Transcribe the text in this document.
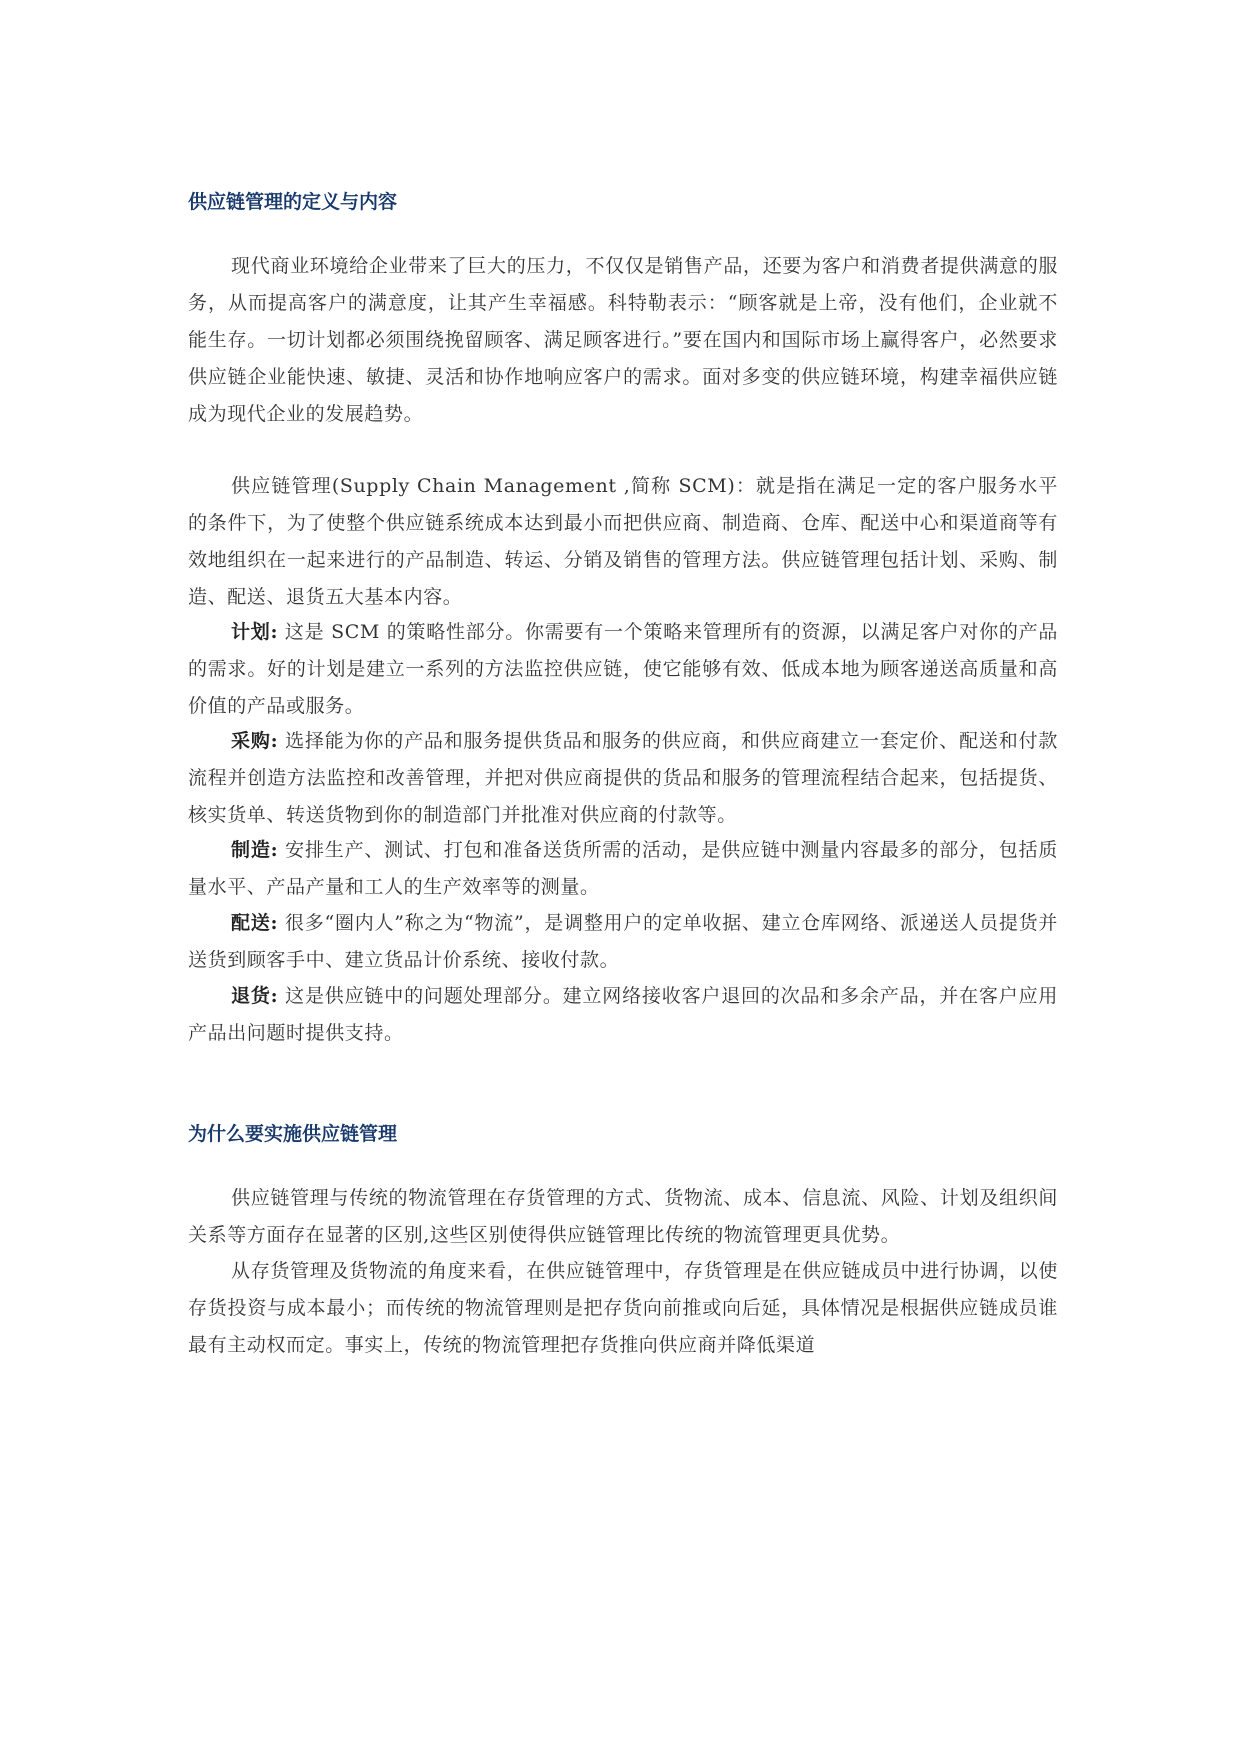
供应链管理的定义与内容

现代商业环境给企业带来了巨大的压力，不仅仅是销售产品，还要为客户和消费者提供满意的服务，从而提高客户的满意度，让其产生幸福感。科特勒表示：“顾客就是上帝，没有他们，企业就不能生存。一切计划都必须围绕挽留顾客、满足顾客进行。”要在国内和国际市场上赢得客户，必然要求供应链企业能快速、敏捷、灵活和协作地响应客户的需求。面对多变的供应链环境，构建幸福供应链成为现代企业的发展趋势。

供应链管理(Supply Chain Management ,简称 SCM)：就是指在满足一定的客户服务水平的条件下，为了使整个供应链系统成本达到最小而把供应商、制造商、仓库、配送中心和渠道商等有效地组织在一起来进行的产品制造、转运、分销及销售的管理方法。供应链管理包括计划、采购、制造、配送、退货五大基本内容。

计划: 这是 SCM 的策略性部分。你需要有一个策略来管理所有的资源，以满足客户对你的产品的需求。好的计划是建立一系列的方法监控供应链，使它能够有效、低成本地为顾客递送高质量和高价值的产品或服务。

采购: 选择能为你的产品和服务提供货品和服务的供应商，和供应商建立一套定价、配送和付款流程并创造方法监控和改善管理，并把对供应商提供的货品和服务的管理流程结合起来，包括提货、核实货单、转送货物到你的制造部门并批准对供应商的付款等。

制造: 安排生产、测试、打包和准备送货所需的活动，是供应链中测量内容最多的部分，包括质量水平、产品产量和工人的生产效率等的测量。

配送: 很多“圈内人”称之为“物流”，是调整用户的定单收据、建立仓库网络、派递送人员提货并送货到顾客手中、建立货品计价系统、接收付款。

退货: 这是供应链中的问题处理部分。建立网络接收客户退回的次品和多余产品，并在客户应用产品出问题时提供支持。

为什么要实施供应链管理

供应链管理与传统的物流管理在存货管理的方式、货物流、成本、信息流、风险、计划及组织间关系等方面存在显著的区别,这些区别使得供应链管理比传统的物流管理更具优势。

从存货管理及货物流的角度来看，在供应链管理中，存货管理是在供应链成员中进行协调，以使存货投资与成本最小；而传统的物流管理则是把存货向前推或向后延，具体情况是根据供应链成员谁最有主动权而定。事实上，传统的物流管理把存货推向供应商并降低渠道
